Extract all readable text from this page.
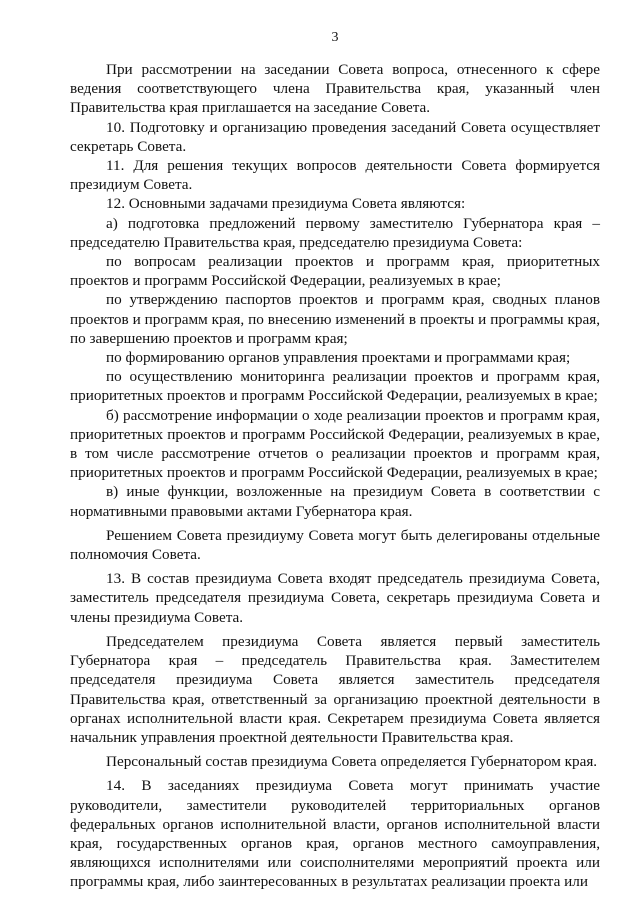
3

При рассмотрении на заседании Совета вопроса, отнесенного к сфере ведения соответствующего члена Правительства края, указанный член Правительства края приглашается на заседание Совета.

10. Подготовку и организацию проведения заседаний Совета осуществляет секретарь Совета.

11. Для решения текущих вопросов деятельности Совета формируется президиум Совета.

12. Основными задачами президиума Совета являются:

а) подготовка предложений первому заместителю Губернатора края – председателю Правительства края, председателю президиума Совета:

по вопросам реализации проектов и программ края, приоритетных проектов и программ Российской Федерации, реализуемых в крае;

по утверждению паспортов проектов и программ края, сводных планов проектов и программ края, по внесению изменений в проекты и программы края, по завершению проектов и программ края;

по формированию органов управления проектами и программами края;

по осуществлению мониторинга реализации проектов и программ края, приоритетных проектов и программ Российской Федерации, реализуемых в крае;

б) рассмотрение информации о ходе реализации проектов и программ края, приоритетных проектов и программ Российской Федерации, реализуемых в крае, в том числе рассмотрение отчетов о реализации проектов и программ края, приоритетных проектов и программ Российской Федерации, реализуемых в крае;

в) иные функции, возложенные на президиум Совета в соответствии с нормативными правовыми актами Губернатора края.

Решением Совета президиуму Совета могут быть делегированы отдельные полномочия Совета.

13. В состав президиума Совета входят председатель президиума Совета, заместитель председателя президиума Совета, секретарь президиума Совета и члены президиума Совета.

Председателем президиума Совета является первый заместитель Губернатора края – председатель Правительства края. Заместителем председателя президиума Совета является заместитель председателя Правительства края, ответственный за организацию проектной деятельности в органах исполнительной власти края. Секретарем президиума Совета является начальник управления проектной деятельности Правительства края.

Персональный состав президиума Совета определяется Губернатором края.

14. В заседаниях президиума Совета могут принимать участие руководители, заместители руководителей территориальных органов федеральных органов исполнительной власти, органов исполнительной власти края, государственных органов края, органов местного самоуправления, являющихся исполнителями или соисполнителями мероприятий проекта или программы края, либо заинтересованных в результатах реализации проекта или
